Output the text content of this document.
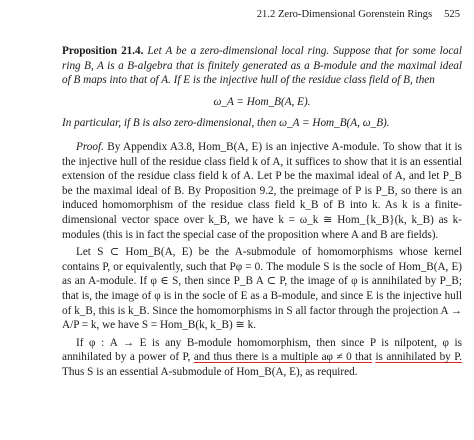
21.2 Zero-Dimensional Gorenstein Rings 525

Proposition 21.4. Let A be a zero-dimensional local ring. Suppose that for some local ring B, A is a B-algebra that is finitely generated as a B-module and the maximal ideal of B maps into that of A. If E is the injective hull of the residue class field of B, then

ω_A = Hom_B(A, E).

In particular, if B is also zero-dimensional, then ω_A = Hom_B(A, ω_B).

Proof. By Appendix A3.8, Hom_B(A, E) is an injective A-module. To show that it is the injective hull of the residue class field k of A, it suffices to show that it is an essential extension of the residue class field k of A. Let P be the maximal ideal of A, and let P_B be the maximal ideal of B. By Proposition 9.2, the preimage of P is P_B, so there is an induced homomorphism of the residue class field k_B of B into k. As k is a finite-dimensional vector space over k_B, we have k = ω_k ≅ Hom_{k_B}(k, k_B) as k-modules (this is in fact the special case of the proposition where A and B are fields).

Let S ⊂ Hom_B(A, E) be the A-submodule of homomorphisms whose kernel contains P, or equivalently, such that Pφ = 0. The module S is the socle of Hom_B(A, E) as an A-module. If φ ∈ S, then since P_B A ⊂ P, the image of φ is annihilated by P_B; that is, the image of φ is in the socle of E as a B-module, and since E is the injective hull of k_B, this is k_B. Since the homomorphisms in S all factor through the projection A → A/P = k, we have S = Hom_B(k, k_B) ≅ k.

If φ : A → E is any B-module homomorphism, then since P is nilpotent, φ is annihilated by a power of P, and thus there is a multiple aφ ≠ 0 that is annihilated by P. Thus S is an essential A-submodule of Hom_B(A, E), as required.
